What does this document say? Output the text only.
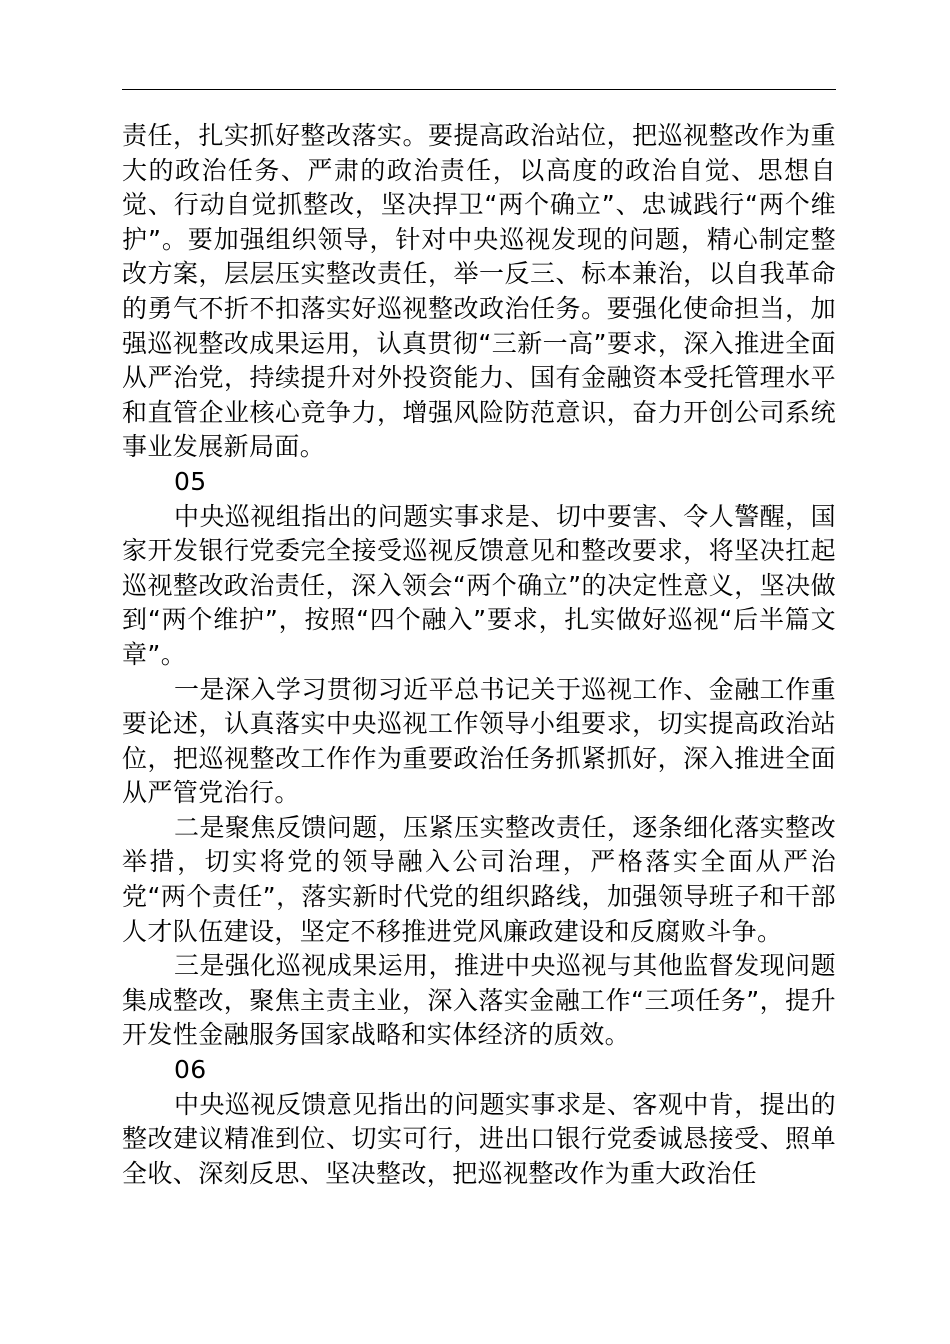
责任，扎实抓好整改落实。要提高政治站位，把巡视整改作为重大的政治任务、严肃的政治责任，以高度的政治自觉、思想自觉、行动自觉抓整改，坚决捍卫“两个确立”、忠诚践行“两个维护”。要加强组织领导，针对中央巡视发现的问题，精心制定整改方案，层层压实整改责任，举一反三、标本兼治，以自我革命的勇气不折不扣落实好巡视整改政治任务。要强化使命担当，加强巡视整改成果运用，认真贯彻“三新一高”要求，深入推进全面从严治党，持续提升对外投资能力、国有金融资本受托管理水平和直管企业核心竞争力，增强风险防范意识，奋力开创公司系统事业发展新局面。

05

中央巡视组指出的问题实事求是、切中要害、令人警醒，国家开发银行党委完全接受巡视反馈意见和整改要求，将坚决扛起巡视整改政治责任，深入领会“两个确立”的决定性意义，坚决做到“两个维护”，按照“四个融入”要求，扎实做好巡视“后半篇文章”。

一是深入学习贯彻习近平总书记关于巡视工作、金融工作重要论述，认真落实中央巡视工作领导小组要求，切实提高政治站位，把巡视整改工作作为重要政治任务抓紧抓好，深入推进全面从严管党治行。

二是聚焦反馈问题，压紧压实整改责任，逐条细化落实整改举措，切实将党的领导融入公司治理，严格落实全面从严治党“两个责任”，落实新时代党的组织路线，加强领导班子和干部人才队伍建设，坚定不移推进党风廉政建设和反腐败斗争。

三是强化巡视成果运用，推进中央巡视与其他监督发现问题集成整改，聚焦主责主业，深入落实金融工作“三项任务”，提升开发性金融服务国家战略和实体经济的质效。

06

中央巡视反馈意见指出的问题实事求是、客观中肯，提出的整改建议精准到位、切实可行，进出口银行党委诚恳接受、照单全收、深刻反思、坚决整改，把巡视整改作为重大政治任
